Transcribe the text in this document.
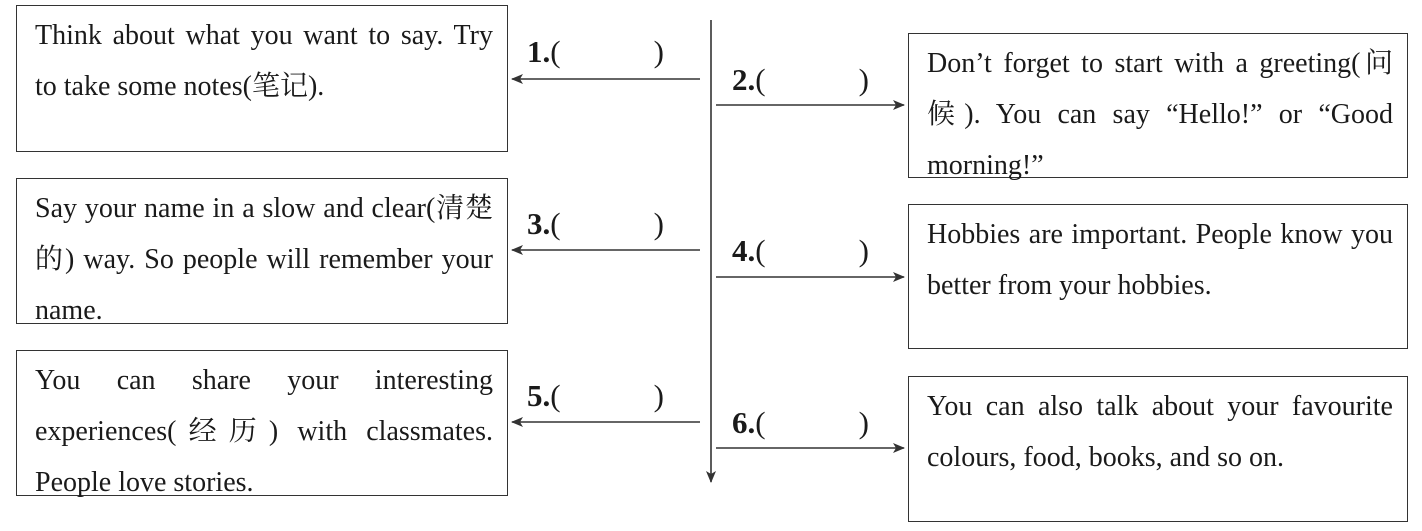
Think about what you want to say. Try to take some notes(笔记).
Say your name in a slow and clear(清楚的) way. So people will remember your name.
You can share your interesting experiences(经历) with classmates. People love stories.
Don’t forget to start with a greeting(问候). You can say “Hello!” or “Good morning!”
Hobbies are important. People know you better from your hobbies.
You can also talk about your favourite colours, food, books, and so on.
1.(   )
2.(   )
3.(   )
4.(   )
5.(   )
6.(   )
